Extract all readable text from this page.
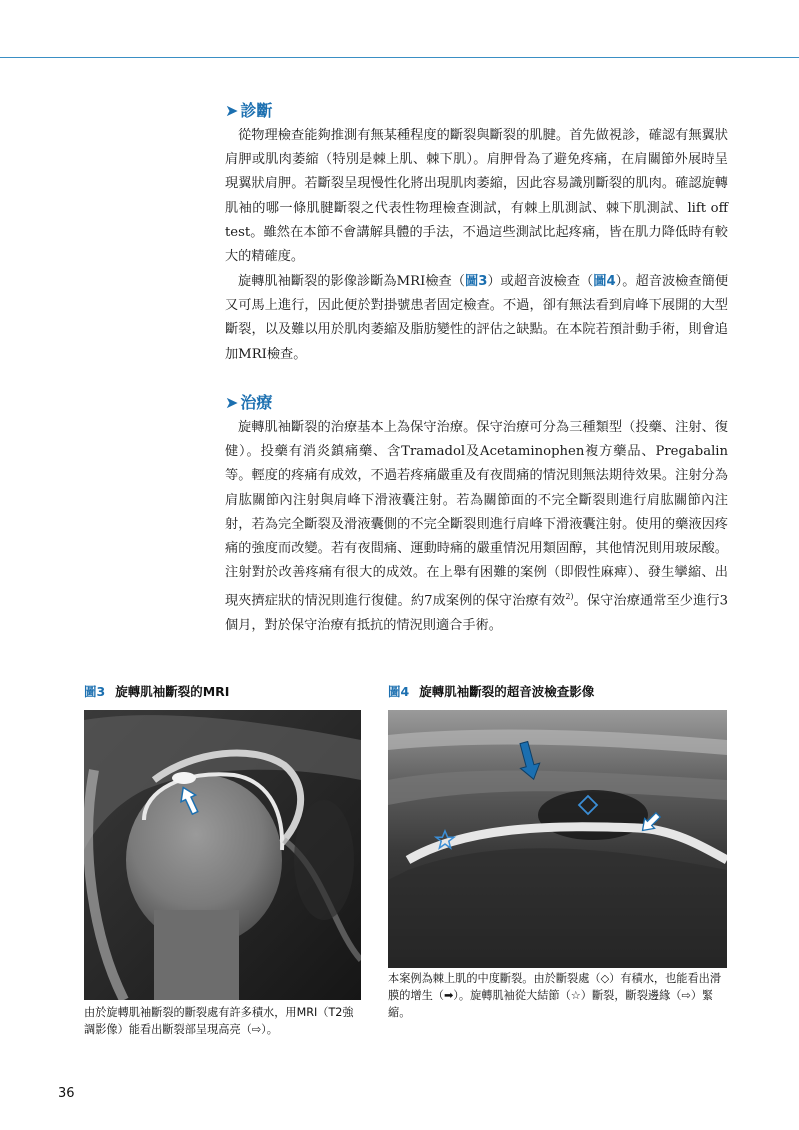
➤ 診斷

從物理檢查能夠推測有無某種程度的斷裂與斷裂的肌腱。首先做視診，確認有無翼狀肩胛或肌肉萎縮（特別是棘上肌、棘下肌）。肩胛骨為了避免疼痛，在肩關節外展時呈現翼狀肩胛。若斷裂呈現慢性化將出現肌肉萎縮，因此容易識別斷裂的肌肉。確認旋轉肌袖的哪一條肌腱斷裂之代表性物理檢查測試，有棘上肌測試、棘下肌測試、lift off test。雖然在本節不會講解具體的手法，不過這些測試比起疼痛，皆在肌力降低時有較大的精確度。

旋轉肌袖斷裂的影像診斷為MRI檢查（圖3）或超音波檢查（圖4）。超音波檢查簡便又可馬上進行，因此便於對掛號患者固定檢查。不過，卻有無法看到肩峰下展開的大型斷裂，以及難以用於肌肉萎縮及脂肪變性的評估之缺點。在本院若預計動手術，則會追加MRI檢查。

➤ 治療

旋轉肌袖斷裂的治療基本上為保守治療。保守治療可分為三種類型（投藥、注射、復健）。投藥有消炎鎮痛藥、含Tramadol及Acetaminophen複方藥品、Pregabalin等。輕度的疼痛有成效，不過若疼痛嚴重及有夜間痛的情況則無法期待效果。注射分為肩肱關節內注射與肩峰下滑液囊注射。若為關節面的不完全斷裂則進行肩肱關節內注射，若為完全斷裂及滑液囊側的不完全斷裂則進行肩峰下滑液囊注射。使用的藥液因疼痛的強度而改變。若有夜間痛、運動時痛的嚴重情況用類固醇，其他情況則用玻尿酸。注射對於改善疼痛有很大的成效。在上舉有困難的案例（即假性麻痺）、發生攣縮、出現夾擠症狀的情況則進行復健。約7成案例的保守治療有效$^{2)}$。保守治療通常至少進行3個月，對於保守治療有抵抗的情況則適合手術。

圖3 旋轉肌袖斷裂的MRI

由於旋轉肌袖斷裂的斷裂處有許多積水，用MRI（T2強調影像）能看出斷裂部呈現高亮（⇨）。

圖4 旋轉肌袖斷裂的超音波檢查影像

本案例為棘上肌的中度斷裂。由於斷裂處（◇）有積水，也能看出滑膜的增生（➡）。旋轉肌袖從大結節（☆）斷裂，斷裂邊緣（⇨）緊縮。

36
